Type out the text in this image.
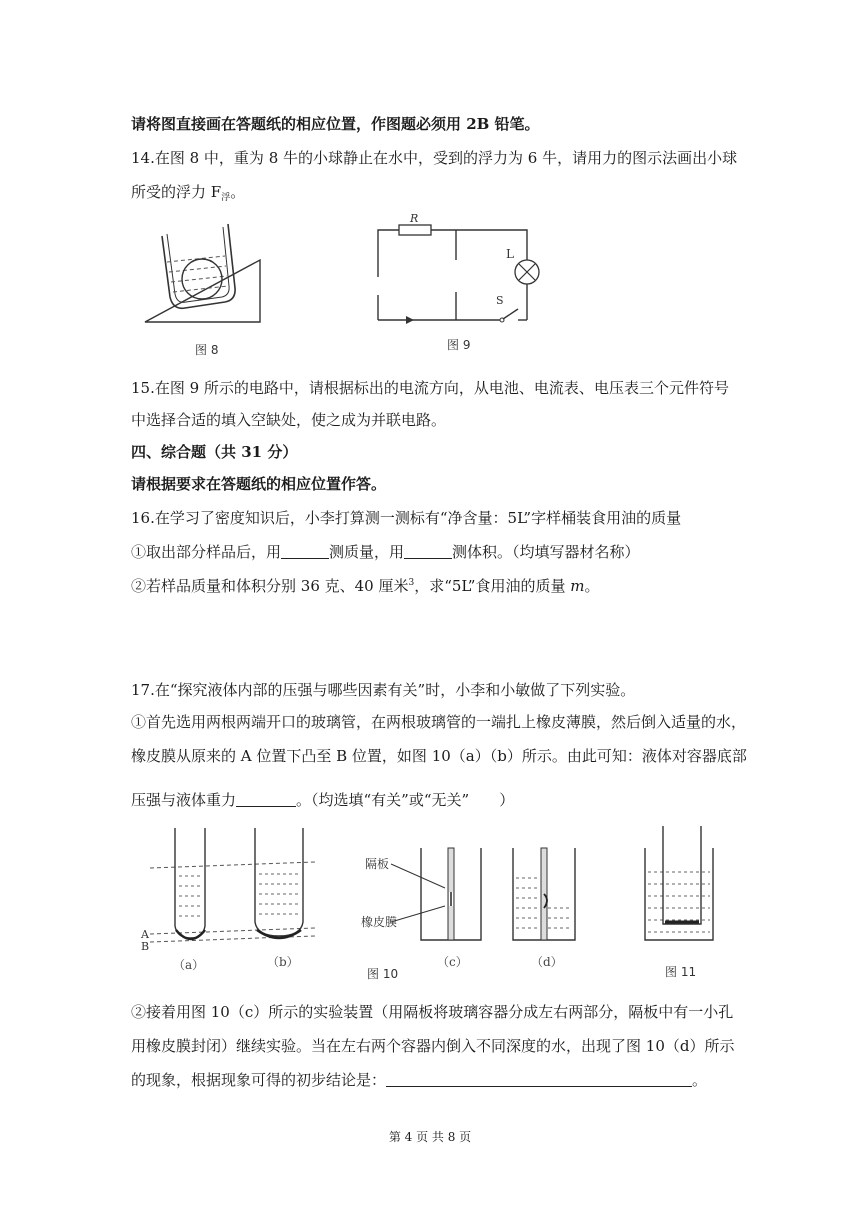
请将图直接画在答题纸的相应位置，作图题必须用 2B 铅笔。
14.在图 8 中，重为 8 牛的小球静止在水中，受到的浮力为 6 牛，请用力的图示法画出小球
所受的浮力 $F_浮$。
图 8
R
L
S
图 9
15.在图 9 所示的电路中，请根据标出的电流方向，从电池、电流表、电压表三个元件符号
中选择合适的填入空缺处，使之成为并联电路。
四、综合题（共 31 分）
请根据要求在答题纸的相应位置作答。
16.在学习了密度知识后，小李打算测一测标有“净含量：5L”字样桶装食用油的质量
①取出部分样品后，用	测质量，用	测体积。（均填写器材名称）
②若样品质量和体积分别 36 克、40 厘米$^3$，求“5L”食用油的质量 m。
17.在“探究液体内部的压强与哪些因素有关”时，小李和小敏做了下列实验。
①首先选用两根两端开口的玻璃管，在两根玻璃管的一端扎上橡皮薄膜，然后倒入适量的水，
橡皮膜从原来的 A 位置下凸至 B 位置，如图 10（a）（b）所示。由此可知：液体对容器底部
压强与液体重力	。（均选填“有关”或“无关”　　）
A
B
（a）	（b）
隔板
橡皮膜
（c）	（d）
图 10	图 11
②接着用图 10（c）所示的实验装置（用隔板将玻璃容器分成左右两部分，隔板中有一小孔
用橡皮膜封闭）继续实验。当在左右两个容器内倒入不同深度的水，出现了图 10（d）所示
的现象，根据现象可得的初步结论是：	。
第 4 页 共 8 页
